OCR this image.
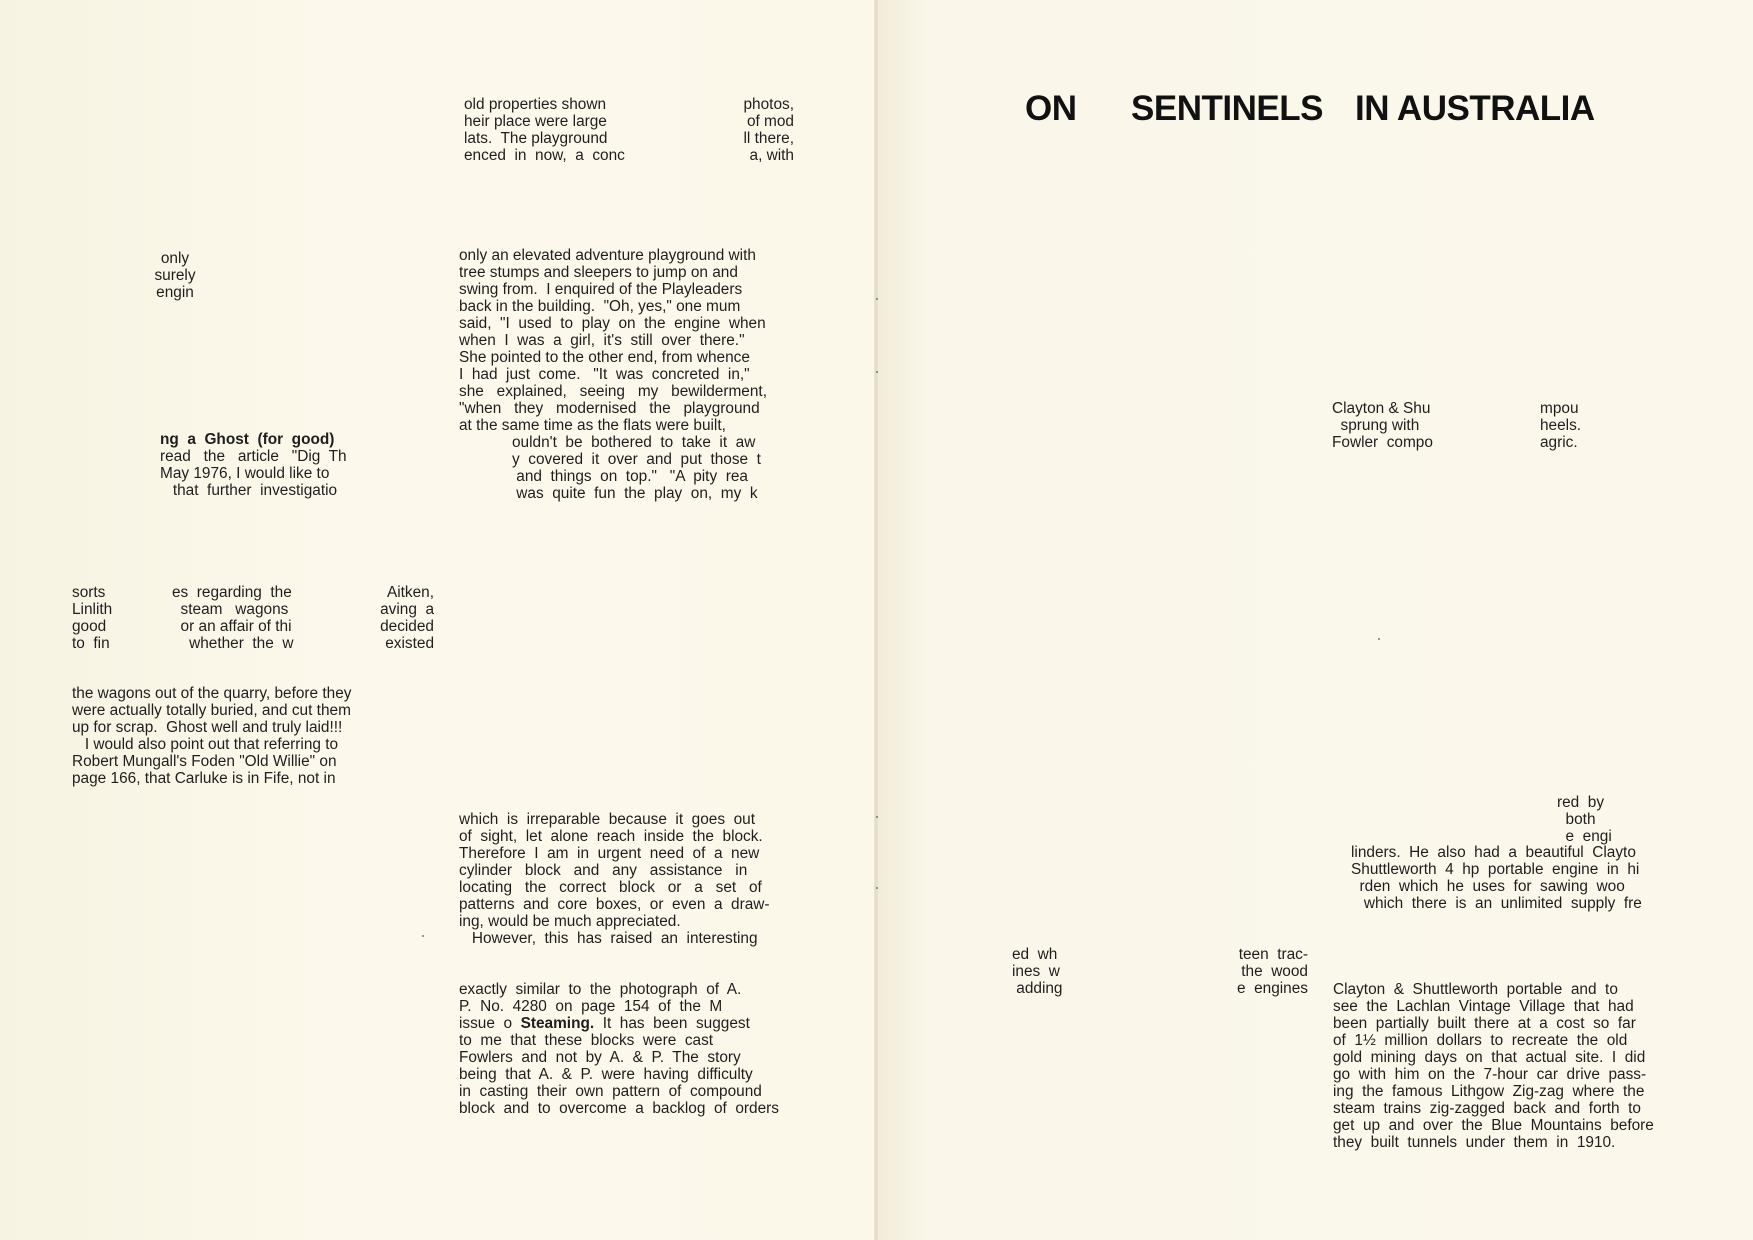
ON SENTINELS IN AUSTRALIA

old properties shown
heir place were large
lats.  The playground
enced  in  now,  a  conc

photos,
of mod
ll there,
a, with

only
surely
engin

ng  a  Ghost  (for  good)

read   the   article   "Dig  Th
May 1976, I would like to
that  further  investigatio

sorts
Linlith
good
to  fin

es  regarding  the
steam   wagons
or an affair of thi
whether  the  w

Aitken,
aving  a
decided
existed

the wagons out of the quarry, before they
were actually totally buried, and cut them
up for scrap.  Ghost well and truly laid!!!
I would also point out that referring to
Robert Mungall's Foden "Old Willie" on
page 166, that Carluke is in Fife, not in

only an elevated adventure playground with
tree stumps and sleepers to jump on and
swing from.  I enquired of the Playleaders
back in the building.  "Oh, yes," one mum
said,  "I  used  to  play  on  the  engine  when
when  I  was  a  girl,  it's  still  over  there."
She pointed to the other end, from whence
I  had  just  come.   "It  was  concreted  in,"
she   explained,   seeing   my   bewilderment,
"when   they   modernised   the   playground
at the same time as the flats were built,

ouldn't  be  bothered  to  take  it  aw
y  covered  it  over  and  put  those  t
and  things  on  top."   "A  pity  rea
was  quite  fun  the  play  on,  my  k

which  is  irreparable  because  it  goes  out
of  sight,  let  alone  reach  inside  the  block.
Therefore  I  am  in  urgent  need  of  a  new
cylinder   block   and   any   assistance   in
locating   the   correct   block   or   a   set   of
patterns  and  core  boxes,  or  even  a  draw-
ing, would be much appreciated.
However,  this  has  raised  an  interesting

exactly  similar  to  the  photograph  of  A.
P.  No.  4280  on  page  154  of  the  M
issue  o  Steaming.  It  has  been  suggest
to  me  that  these  blocks  were  cast
Fowlers  and  not  by  A.  &  P.  The  story
being  that  A.  &  P.  were  having  difficulty
in  casting  their  own  pattern  of  compound
block  and  to  overcome  a  backlog  of  orders

Clayton & Shu
sprung with
Fowler  compo

mpou
heels.
agric.

red  by
both
e  engi

linders.  He  also  had  a  beautiful  Clayto
Shuttleworth  4  hp  portable  engine  in  hi
rden  which  he  uses  for  sawing  woo
which  there  is  an  unlimited  supply  fre

ed  wh
ines  w
adding

teen  trac-
the  wood
e  engines Clayton  &  Shuttleworth  portable  and  to
see  the  Lachlan  Vintage  Village  that  had
been  partially  built  there  at  a  cost  so  far
of  1½  million  dollars  to  recreate  the  old
gold  mining  days  on  that  actual  site.  I  did
go  with  him  on  the  7-hour  car  drive  pass-
ing  the  famous  Lithgow  Zig-zag  where  the
steam  trains  zig-zagged  back  and  forth  to
get  up  and  over  the  Blue  Mountains  before
they  built  tunnels  under  them  in  1910.
